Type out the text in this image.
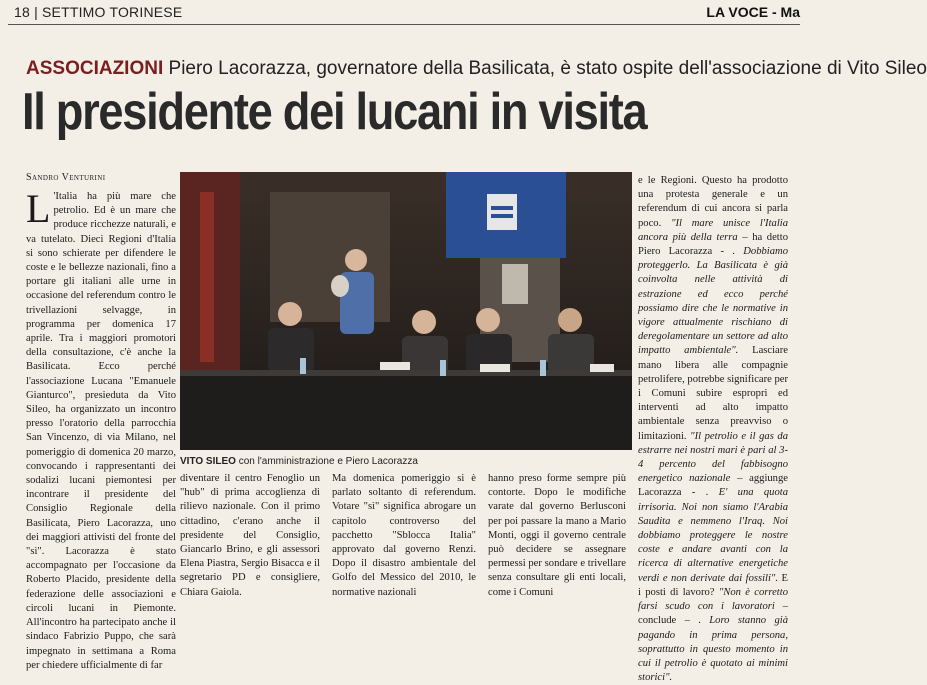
18 | SETTIMO TORINESE	LA VOCE - Ma
ASSOCIAZIONI Piero Lacorazza, governatore della Basilicata, è stato ospite dell'associazione di Vito Sileo
Il presidente dei lucani in visita
Sandro Venturini
L 'Italia ha più mare che petrolio. Ed è un mare che produce ricchezze naturali, e va tutelato. Dieci Regioni d'Italia si sono schierate per difendere le coste e le bellezze nazionali, fino a portare gli italiani alle urne in occasione del referendum contro le trivellazioni selvagge, in programma per domenica 17 aprile. Tra i maggiori promotori della consultazione, c'è anche la Basilicata. Ecco perché l'associazione Lucana "Emanuele Gianturco", presieduta da Vito Sileo, ha organizzato un incontro presso l'oratorio della parrocchia San Vincenzo, di via Milano, nel pomeriggio di domenica 20 marzo, convocando i rappresentanti dei sodalizi lucani piemontesi per incontrare il presidente del Consiglio Regionale della Basilicata, Piero Lacorazza, uno dei maggiori attivisti del fronte del "sì". Lacorazza è stato accompagnato per l'occasione da Roberto Placido, presidente della federazione delle associazioni e circoli lucani in Piemonte. All'incontro ha partecipato anche il sindaco Fabrizio Puppo, che sarà impegnato in settimana a Roma per chiedere ufficialmente di far
VITO SILEO con l'amministrazione e Piero Lacorazza
diventare il centro Fenoglio un "hub" di prima accoglienza di rilievo nazionale. Con il primo cittadino, c'erano anche il presidente del Consiglio, Giancarlo Brino, e gli assessori Elena Piastra, Sergio Bisacca e il segretario PD e consigliere, Chiara Gaiola.
Ma domenica pomeriggio si è parlato soltanto di referendum. Votare "sì" significa abrogare un capitolo controverso del pacchetto "Sblocca Italia" approvato dal governo Renzi. Dopo il disastro ambientale del Golfo del Messico del 2010, le normative nazionali
hanno preso forme sempre più contorte. Dopo le modifiche varate dal governo Berlusconi per poi passare la mano a Mario Monti, oggi il governo centrale può decidere se assegnare permessi per sondare e trivellare senza consultare gli enti locali, come i Comuni
e le Regioni. Questo ha prodotto una protesta generale e un referendum di cui ancora si parla poco. "Il mare unisce l'Italia ancora più della terra – ha detto Piero Lacorazza - . Dobbiamo proteggerlo. La Basilicata è già coinvolta nelle attività di estrazione ed ecco perché possiamo dire che le normative in vigore attualmente rischiano di deregolamentare un settore ad alto impatto ambientale". Lasciare mano libera alle compagnie petrolifere, potrebbe significare per i Comuni subire espropri ed interventi ad alto impatto ambientale senza preavviso o limitazioni. "Il petrolio e il gas da estrarre nei nostri mari è pari al 3-4 percento del fabbisogno energetico nazionale – aggiunge Lacorazza - . E' una quota irrisoria. Noi non siamo l'Arabia Saudita e nemmeno l'Iraq. Noi dobbiamo proteggere le nostre coste e andare avanti con la ricerca di alternative energetiche verdi e non derivate dai fossili". E i posti di lavoro? "Non è corretto farsi scudo con i lavoratori – conclude – . Loro stanno già pagando in prima persona, soprattutto in questo momento in cui il petrolio è quotato ai minimi storici".
